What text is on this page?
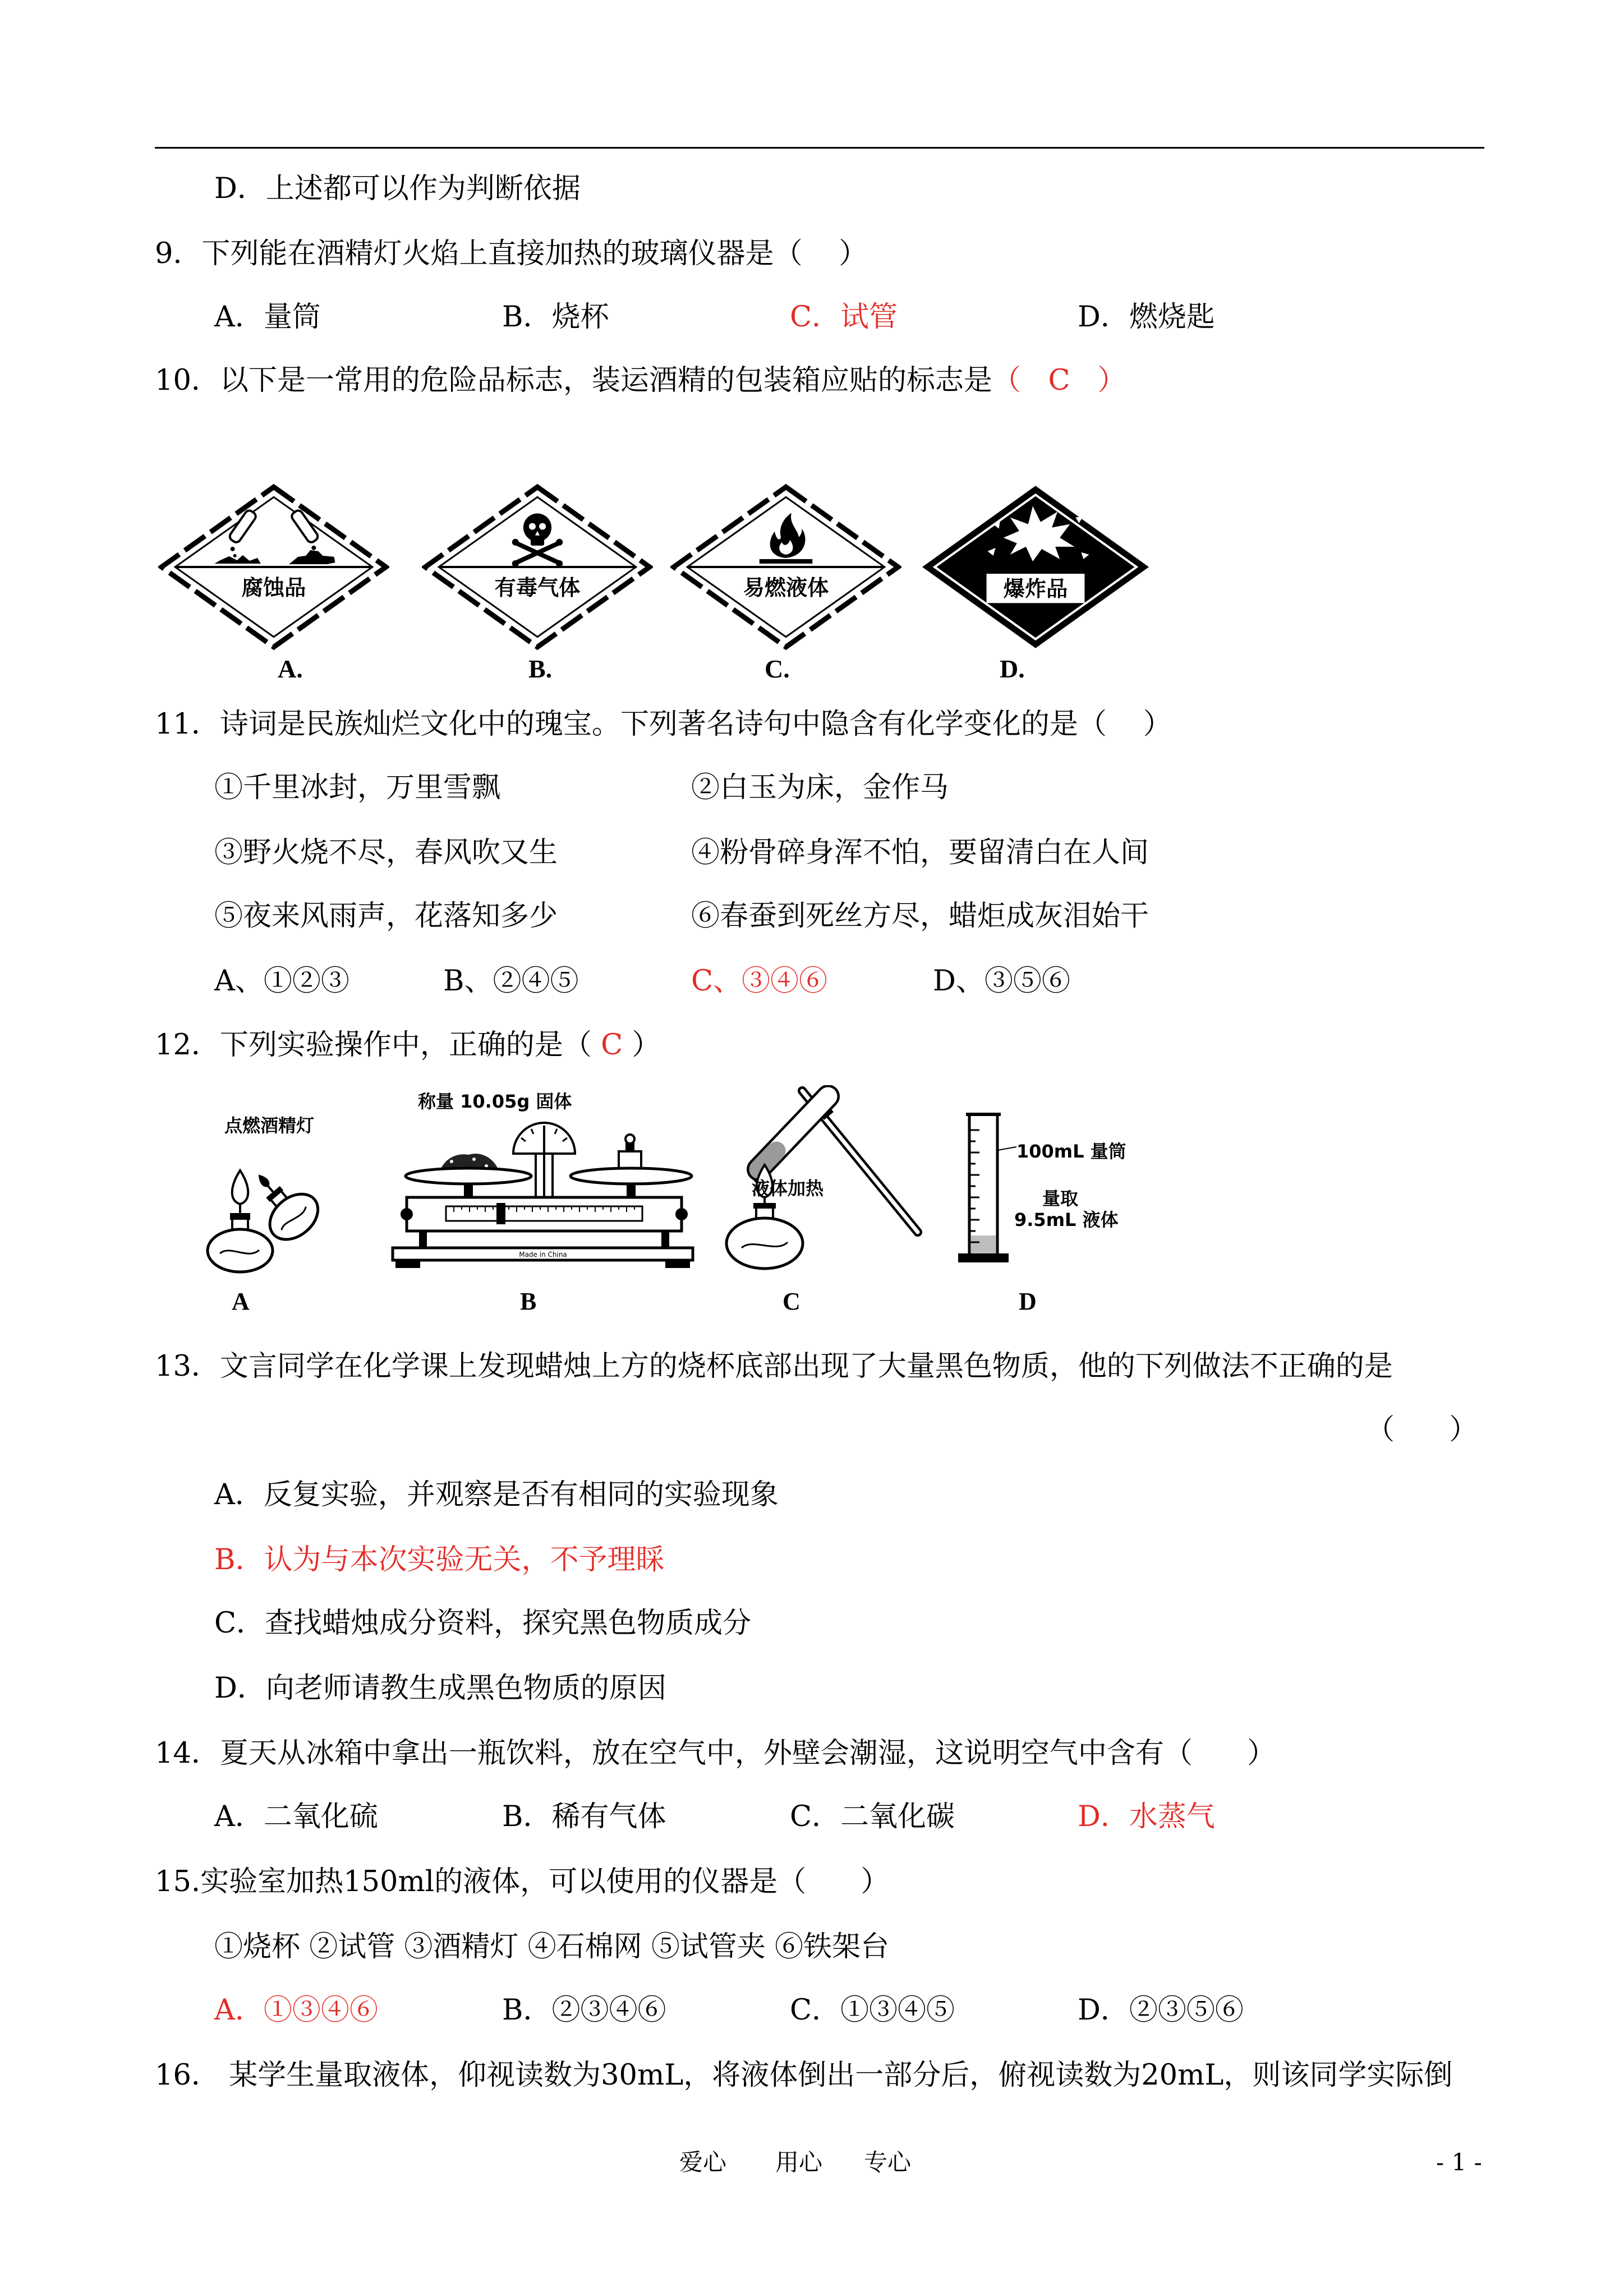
D．上述都可以作为判断依据
9．下列能在酒精灯火焰上直接加热的玻璃仪器是（    ）
A．量筒	B．烧杯	C．试管	D．燃烧匙
10．以下是一常用的危险品标志，装运酒精的包装箱应贴的标志是（   C   ）
腐蚀品	有毒气体	易燃液体	爆炸品
A.	B.	C.	D.
11．诗词是民族灿烂文化中的瑰宝。下列著名诗句中隐含有化学变化的是（    ）
①千里冰封，万里雪飘	②白玉为床，金作马
③野火烧不尽，春风吹又生	④粉骨碎身浑不怕，要留清白在人间
⑤夜来风雨声，花落知多少	⑥春蚕到死丝方尽，蜡炬成灰泪始干
A、①②③	B、②④⑤	C、③④⑥	D、③⑤⑥
12．下列实验操作中，正确的是（ C ）
点燃酒精灯
称量 10.05g 固体
Made in China
液体加热
100mL 量筒
量取
9.5mL 液体
A	B	C	D
13．文言同学在化学课上发现蜡烛上方的烧杯底部出现了大量黑色物质，他的下列做法不正确的是
（      ）
A．反复实验，并观察是否有相同的实验现象
B．认为与本次实验无关，不予理睬
C．查找蜡烛成分资料，探究黑色物质成分
D．向老师请教生成黑色物质的原因
14．夏天从冰箱中拿出一瓶饮料，放在空气中，外壁会潮湿，这说明空气中含有（      ）
A．二氧化硫	B．稀有气体	C．二氧化碳	D．水蒸气
15.实验室加热150ml的液体，可以使用的仪器是（      ）
①烧杯 ②试管 ③酒精灯 ④石棉网 ⑤试管夹 ⑥铁架台
A．①③④⑥	B．②③④⑥	C．①③④⑤	D．②③⑤⑥
16． 某学生量取液体，仰视读数为30mL，将液体倒出一部分后，俯视读数为20mL，则该同学实际倒
爱心 用心 专心	- 1 -
